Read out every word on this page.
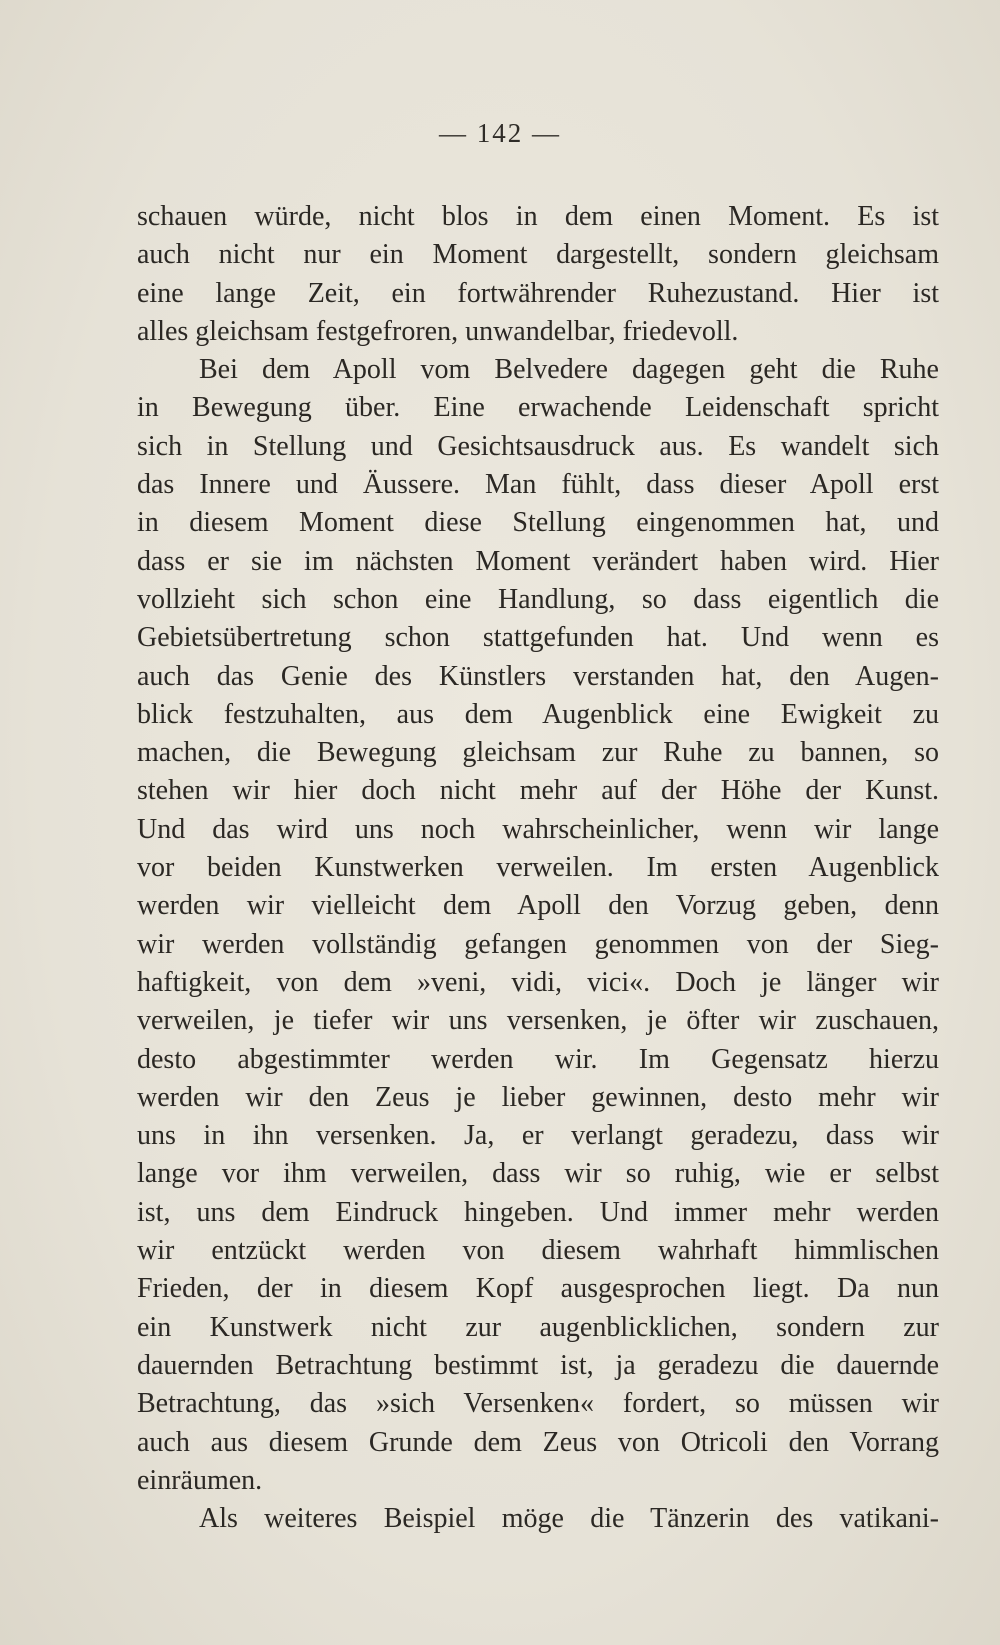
— 142 —
schauen würde, nicht blos in dem einen Moment. Es ist
auch nicht nur ein Moment dargestellt, sondern gleichsam
eine lange Zeit, ein fortwährender Ruhezustand. Hier ist
alles gleichsam festgefroren, unwandelbar, friedevoll.
Bei dem Apoll vom Belvedere dagegen geht die Ruhe
in Bewegung über. Eine erwachende Leidenschaft spricht
sich in Stellung und Gesichtsausdruck aus. Es wandelt sich
das Innere und Äussere. Man fühlt, dass dieser Apoll erst
in diesem Moment diese Stellung eingenommen hat, und
dass er sie im nächsten Moment verändert haben wird. Hier
vollzieht sich schon eine Handlung, so dass eigentlich die
Gebietsübertretung schon stattgefunden hat. Und wenn es
auch das Genie des Künstlers verstanden hat, den Augen-
blick festzuhalten, aus dem Augenblick eine Ewigkeit zu
machen, die Bewegung gleichsam zur Ruhe zu bannen, so
stehen wir hier doch nicht mehr auf der Höhe der Kunst.
Und das wird uns noch wahrscheinlicher, wenn wir lange
vor beiden Kunstwerken verweilen. Im ersten Augenblick
werden wir vielleicht dem Apoll den Vorzug geben, denn
wir werden vollständig gefangen genommen von der Sieg-
haftigkeit, von dem »veni, vidi, vici«. Doch je länger wir
verweilen, je tiefer wir uns versenken, je öfter wir zuschauen,
desto abgestimmter werden wir. Im Gegensatz hierzu
werden wir den Zeus je lieber gewinnen, desto mehr wir
uns in ihn versenken. Ja, er verlangt geradezu, dass wir
lange vor ihm verweilen, dass wir so ruhig, wie er selbst
ist, uns dem Eindruck hingeben. Und immer mehr werden
wir entzückt werden von diesem wahrhaft himmlischen
Frieden, der in diesem Kopf ausgesprochen liegt. Da nun
ein Kunstwerk nicht zur augenblicklichen, sondern zur
dauernden Betrachtung bestimmt ist, ja geradezu die dauernde
Betrachtung, das »sich Versenken« fordert, so müssen wir
auch aus diesem Grunde dem Zeus von Otricoli den Vorrang
einräumen.
Als weiteres Beispiel möge die Tänzerin des vatikani-
